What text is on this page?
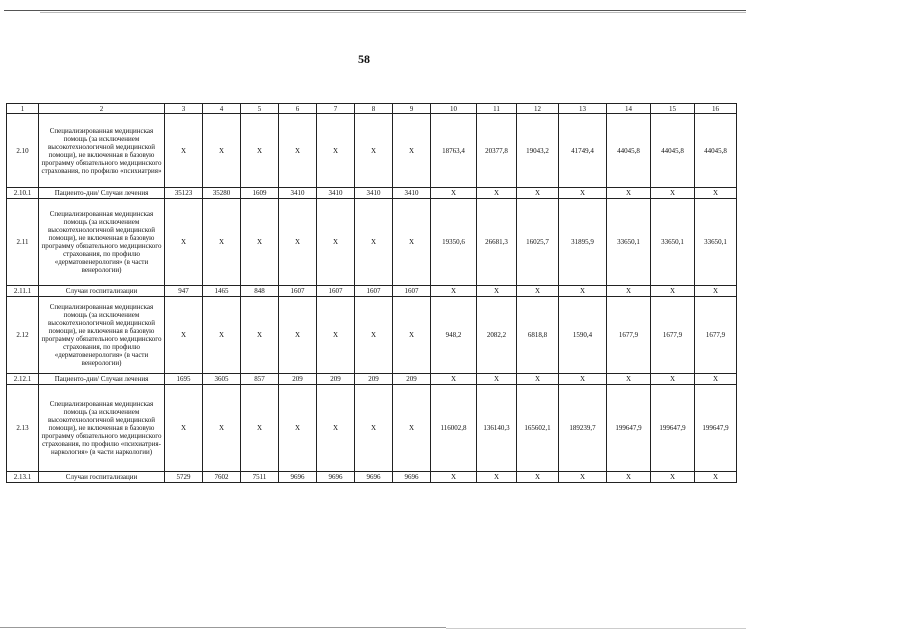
58
1	2	3	4	5	6	7	8	9	10	11	12	13	14	15	16
2.10	Специализированная медицинская помощь (за исключением высокотехнологичной медицинской помощи), не включенная в базовую программу обязательного медицинского страхования, по профилю «психиатрия»	X	X	X	X	X	X	X	18763,4	20377,8	19043,2	41749,4	44045,8	44045,8	44045,8
2.10.1	Пациенто-дни/ Случаи лечения	35123	35280	1609	3410	3410	3410	3410	X	X	X	X	X	X	X
2.11	Специализированная медицинская помощь (за исключением высокотехнологичной медицинской помощи), не включенная в базовую программу обязательного медицинского страхования, по профилю «дерматовенерология» (в части венерологии)	X	X	X	X	X	X	X	19350,6	26681,3	16025,7	31895,9	33650,1	33650,1	33650,1
2.11.1	Случаи госпитализации	947	1465	848	1607	1607	1607	1607	X	X	X	X	X	X	X
2.12	Специализированная медицинская помощь (за исключением высокотехнологичной медицинской помощи), не включенная в базовую программу обязательного медицинского страхования, по профилю «дерматовенерология» (в части венерологии)	X	X	X	X	X	X	X	948,2	2082,2	6818,8	1590,4	1677,9	1677,9	1677,9
2.12.1	Пациенто-дни/ Случаи лечения	1695	3605	857	209	209	209	209	X	X	X	X	X	X	X
2.13	Специализированная медицинская помощь (за исключением высокотехнологичной медицинской помощи), не включенная в базовую программу обязательного медицинского страхования, по профилю «психиатрия-наркология» (в части наркологии)	X	X	X	X	X	X	X	116002,8	136140,3	165602,1	189239,7	199647,9	199647,9	199647,9
2.13.1	Случаи госпитализации	5729	7602	7511	9696	9696	9696	9696	X	X	X	X	X	X	X
